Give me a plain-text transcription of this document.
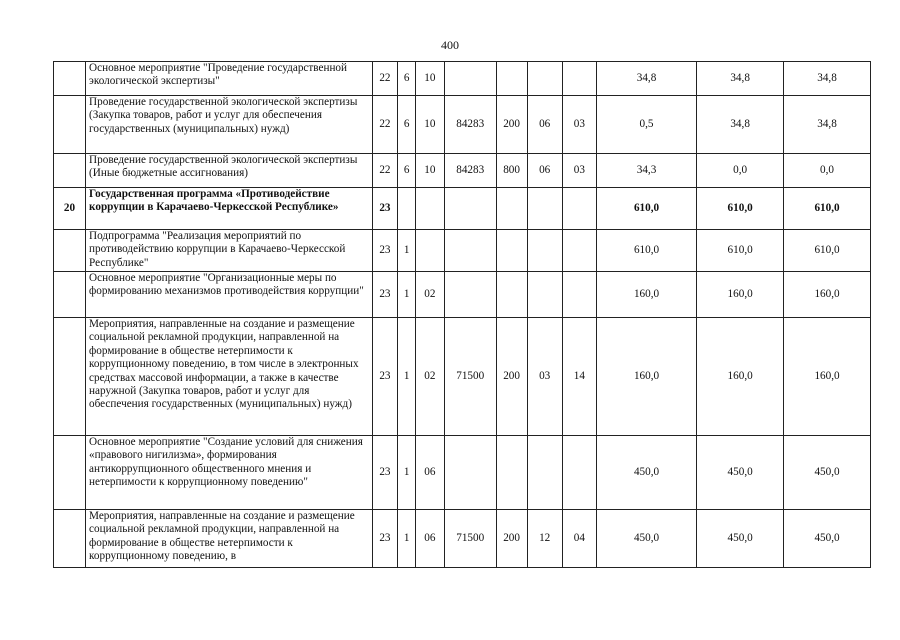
400
	Основное мероприятие "Проведение государственной экологической экспертизы"	22	6	10					34,8	34,8	34,8
	Проведение государственной экологической экспертизы (Закупка товаров, работ и услуг для обеспечения государственных (муниципальных) нужд)	22	6	10	84283	200	06	03	0,5	34,8	34,8
	Проведение государственной экологической экспертизы (Иные бюджетные ассигнования)	22	6	10	84283	800	06	03	34,3	0,0	0,0
20	Государственная программа «Противодействие коррупции в Карачаево-Черкесской Республике»	23							610,0	610,0	610,0
	Подпрограмма "Реализация мероприятий по противодействию коррупции в Карачаево-Черкесской Республике"	23	1						610,0	610,0	610,0
	Основное мероприятие "Организационные меры по формированию механизмов противодействия коррупции"	23	1	02					160,0	160,0	160,0
	Мероприятия, направленные на создание и размещение социальной рекламной продукции, направленной на формирование в обществе нетерпимости к коррупционному поведению, в том числе в электронных средствах массовой информации, а также в качестве наружной (Закупка товаров, работ и услуг для обеспечения государственных (муниципальных) нужд)	23	1	02	71500	200	03	14	160,0	160,0	160,0
	Основное мероприятие "Создание условий для снижения «правового нигилизма», формирования антикоррупционного общественного мнения и нетерпимости к коррупционному поведению"	23	1	06					450,0	450,0	450,0
	Мероприятия, направленные на создание и размещение социальной рекламной продукции, направленной на формирование в обществе нетерпимости к коррупционному поведению, в	23	1	06	71500	200	12	04	450,0	450,0	450,0
